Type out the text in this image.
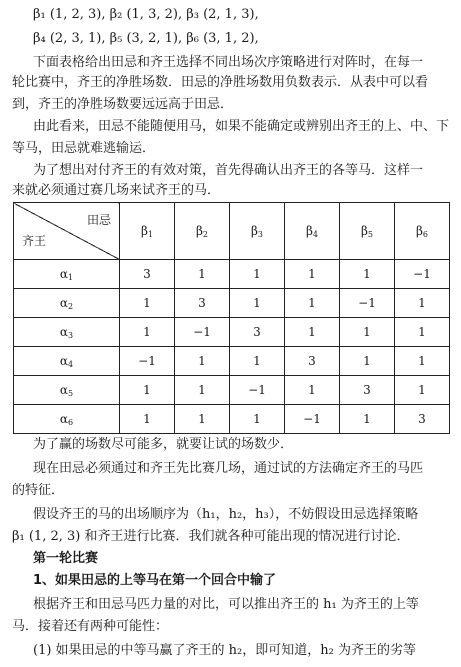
β₁ (1, 2, 3), β₂ (1, 3, 2), β₃ (2, 1, 3),
β₄ (2, 3, 1), β₅ (3, 2, 1), β₆ (3, 1, 2),
下面表格给出田忌和齐王选择不同出场次序策略进行对阵时，在每一
轮比赛中，齐王的净胜场数．田忌的净胜场数用负数表示．从表中可以看
到，齐王的净胜场数要远远高于田忌．
由此看来，田忌不能随便用马，如果不能确定或辨别出齐王的上、中、下
等马，田忌就难逃输运．
为了想出对付齐王的有效对策，首先得确认出齐王的各等马．这样一
来就必须通过赛几场来试齐王的马．
田忌
齐王	$\beta_1$	$\beta_2$	$\beta_3$	$\beta_4$	$\beta_5$	$\beta_6$
$\alpha_1$	3	1	1	1	1	−1
$\alpha_2$	1	3	1	1	−1	1
$\alpha_3$	1	−1	3	1	1	1
$\alpha_4$	−1	1	1	3	1	1
$\alpha_5$	1	1	−1	1	3	1
$\alpha_6$	1	1	1	−1	1	3
为了赢的场数尽可能多，就要让试的场数少．
现在田忌必须通过和齐王先比赛几场，通过试的方法确定齐王的马匹
的特征．
假设齐王的马的出场顺序为（h₁，h₂，h₃），不妨假设田忌选择策略
β₁ (1, 2, 3) 和齐王进行比赛．我们就各种可能出现的情况进行讨论．
第一轮比赛
1、如果田忌的上等马在第一个回合中输了
根据齐王和田忌马匹力量的对比，可以推出齐王的 h₁ 为齐王的上等
马．接着还有两种可能性：
(1) 如果田忌的中等马赢了齐王的 h₂，即可知道，h₂ 为齐王的劣等
